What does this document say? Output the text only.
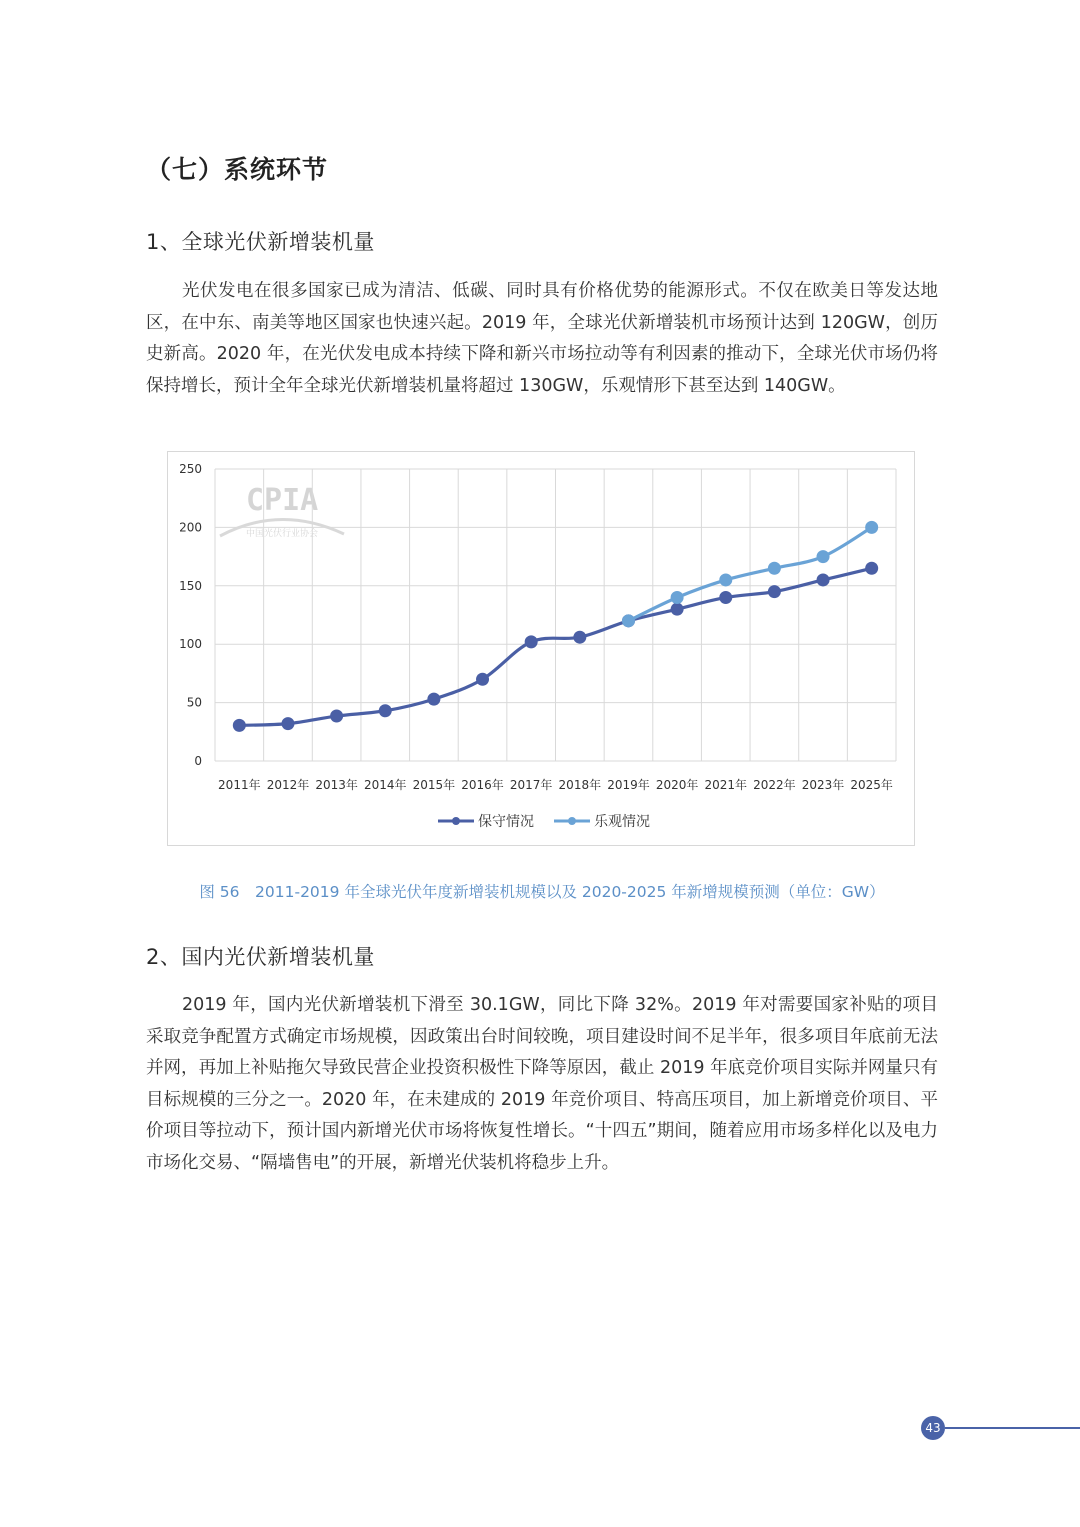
（七）系统环节
1、全球光伏新增装机量

光伏发电在很多国家已成为清洁、低碳、同时具有价格优势的能源形式。不仅在欧美日等发达地区，在中东、南美等地区国家也快速兴起。2019 年，全球光伏新增装机市场预计达到 120GW，创历史新高。2020 年，在光伏发电成本持续下降和新兴市场拉动等有利因素的推动下，全球光伏市场仍将保持增长，预计全年全球光伏新增装机量将超过 130GW，乐观情形下甚至达到 140GW。

CPIA
中国光伏行业协会
0
50
100
150
200
250
2011年 2012年 2013年 2014年 2015年 2016年 2017年 2018年 2019年 2020年 2021年 2022年 2023年 2025年
保守情况	乐观情况
图 56　2011-2019 年全球光伏年度新增装机规模以及 2020-2025 年新增规模预测（单位：GW）
2、国内光伏新增装机量

2019 年，国内光伏新增装机下滑至 30.1GW，同比下降 32%。2019 年对需要国家补贴的项目采取竞争配置方式确定市场规模，因政策出台时间较晚，项目建设时间不足半年，很多项目年底前无法并网，再加上补贴拖欠导致民营企业投资积极性下降等原因，截止 2019 年底竞价项目实际并网量只有目标规模的三分之一。2020 年，在未建成的 2019 年竞价项目、特高压项目，加上新增竞价项目、平价项目等拉动下，预计国内新增光伏市场将恢复性增长。“十四五”期间，随着应用市场多样化以及电力市场化交易、“隔墙售电”的开展，新增光伏装机将稳步上升。

43
